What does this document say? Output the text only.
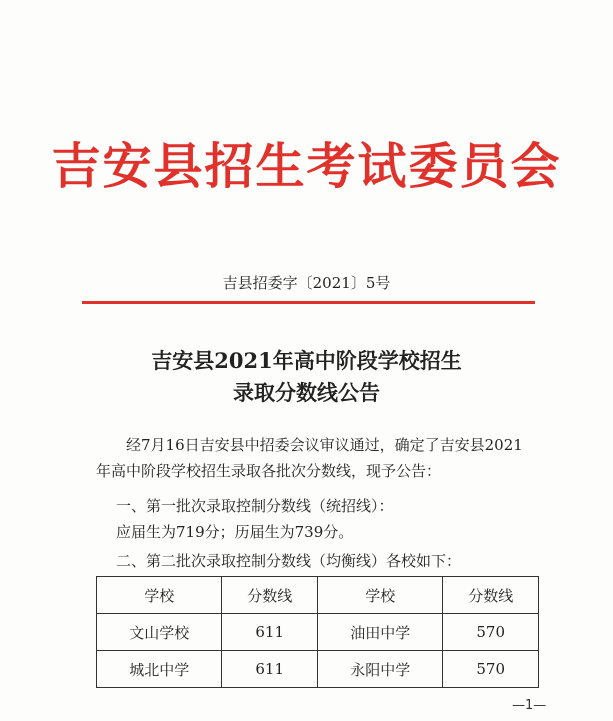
吉安县招生考试委员会
吉县招委字〔2021〕5号
吉安县2021年高中阶段学校招生
录取分数线公告

经7月16日吉安县中招委会议审议通过，确定了吉安县2021年高中阶段学校招生录取各批次分数线，现予公告：

一、第一批次录取控制分数线（统招线）：

应届生为719分；历届生为739分。

二、第二批次录取控制分数线（均衡线）各校如下：

学校	分数线	学校	分数线
文山学校	611	油田中学	570
城北中学	611	永阳中学	570
—1—
